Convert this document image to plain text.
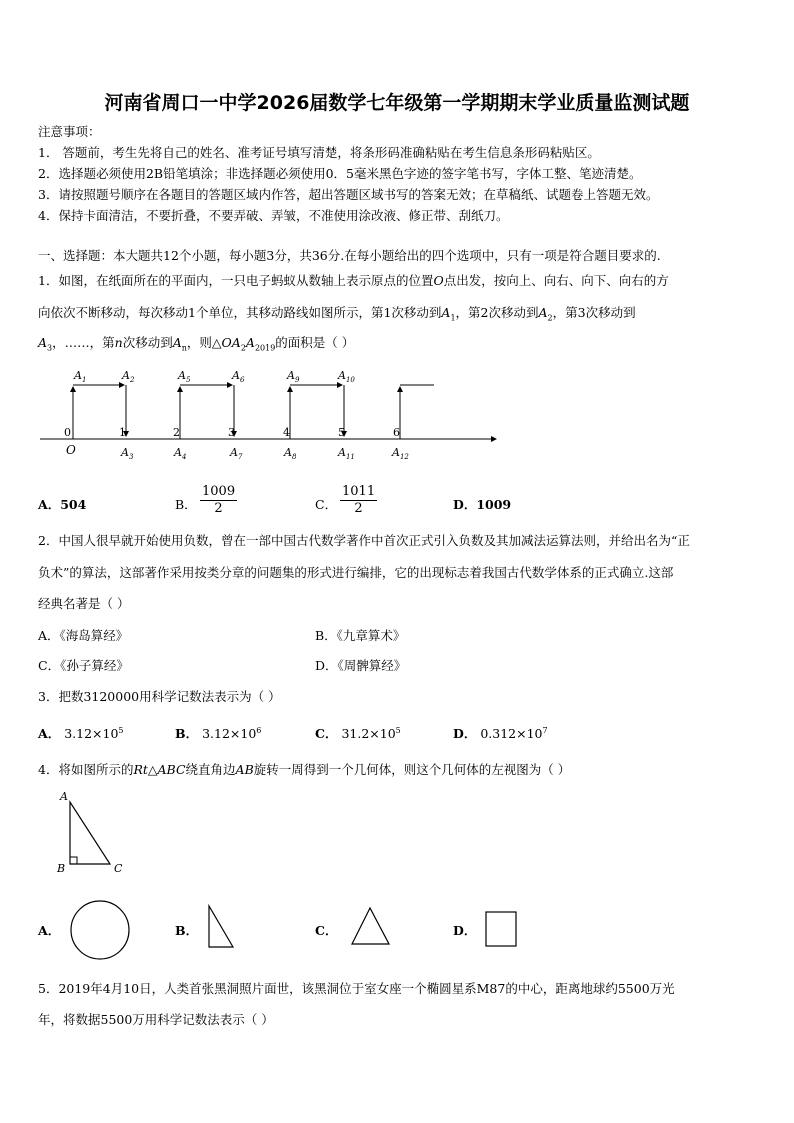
河南省周口一中学2026届数学七年级第一学期期末学业质量监测试题
注意事项：
1． 答题前，考生先将自己的姓名、准考证号填写清楚，将条形码准确粘贴在考生信息条形码粘贴区。
2．选择题必须使用2B铅笔填涂；非选择题必须使用0．5毫米黑色字迹的签字笔书写，字体工整、笔迹清楚。
3．请按照题号顺序在各题目的答题区域内作答，超出答题区域书写的答案无效；在草稿纸、试题卷上答题无效。
4．保持卡面清洁，不要折叠，不要弄破、弄皱，不准使用涂改液、修正带、刮纸刀。
一、选择题：本大题共12个小题，每小题3分，共36分.在每小题给出的四个选项中，只有一项是符合题目要求的.
1．如图，在纸面所在的平面内，一只电子蚂蚁从数轴上表示原点的位置O点出发，按向上、向右、向下、向右的方
向依次不断移动，每次移动1个单位，其移动路线如图所示，第1次移动到$A_1$，第2次移动到$A_2$，第3次移动到
$A_3$，……，第n次移动到$A_n$，则$\triangle OA_2A_{2019}$的面积是（ ）
$A_1$	$A_2$	$A_5$	$A_6$	$A_9$	$A_{10}$
0	1	2	3	4	5	6
O	$A_3$	$A_4$	$A_7$	$A_8$	$A_{11}$	$A_{12}$
A．504	B． $\frac{1009}{2}$	C． $\frac{1011}{2}$	D．1009
2．中国人很早就开始使用负数，曾在一部中国古代数学著作中首次正式引入负数及其加减法运算法则，并给出名为“正
负术”的算法，这部著作采用按类分章的问题集的形式进行编排，它的出现标志着我国古代数学体系的正式确立.这部
经典名著是（ ）
A．《海岛算经》	B．《九章算术》
C．《孙子算经》	D．《周髀算经》
3．把数3120000用科学记数法表示为（ ）
A． $3.12\times 10^5$	B． $3.12\times 10^6$	C． $31.2\times 10^5$	D． $0.312\times 10^7$
4．将如图所示的Rt△ABC绕直角边AB旋转一周得到一个几何体，则这个几何体的左视图为（ ）
A
B	C
A．	B．	C．	D．
5．2019年4月10日，人类首张黑洞照片面世，该黑洞位于室女座一个椭圆星系M87的中心，距离地球约5500万光
年，将数据5500万用科学记数法表示（ ）
